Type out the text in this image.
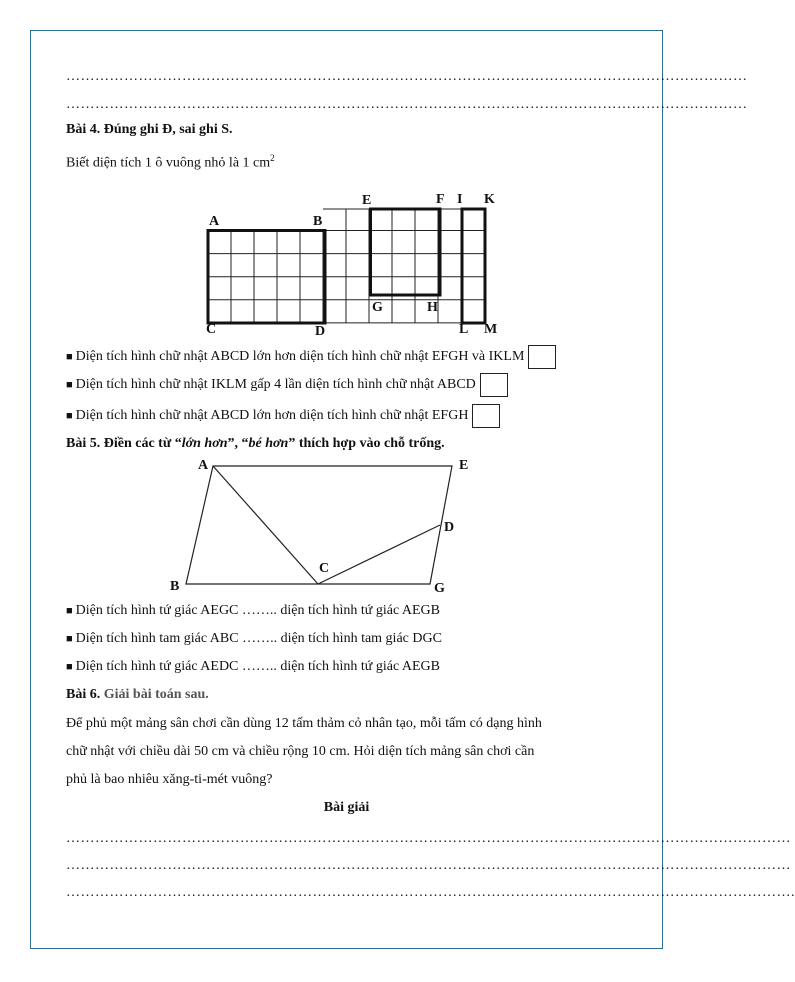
……………………………………………………………………………………………………………………………
……………………………………………………………………………………………………………………………
Bài 4. Đúng ghi Đ, sai ghi S.
Biết diện tích 1 ô vuông nhỏ là 1 $cm^2$
A	B
C	D
E	F I K
G	H
L M
■ Diện tích hình chữ nhật ABCD lớn hơn diện tích hình chữ nhật EFGH và IKLM
■ Diện tích hình chữ nhật IKLM gấp 4 lần diện tích hình chữ nhật ABCD
■ Diện tích hình chữ nhật ABCD lớn hơn diện tích hình chữ nhật EFGH
Bài 5. Điền các từ “lớn hơn”, “bé hơn” thích hợp vào chỗ trống.
A	E
D
C
B	G
■ Diện tích hình tứ giác AEGC …….. diện tích hình tứ giác AEGB
■ Diện tích hình tam giác ABC …….. diện tích hình tam giác DGC
■ Diện tích hình tứ giác AEDC …….. diện tích hình tứ giác AEGB
Bài 6. Giải bài toán sau.
Để phủ một mảng sân chơi cần dùng 12 tấm thảm cỏ nhân tạo, mỗi tấm có dạng hình
chữ nhật với chiều dài 50 cm và chiều rộng 10 cm. Hỏi diện tích mảng sân chơi cần
phủ là bao nhiêu xăng-ti-mét vuông?
Bài giải
……………………………………………………………………………………………………………………………………
……………………………………………………………………………………………………………………………………
…………………………………………………………………………………………………………………………………….
